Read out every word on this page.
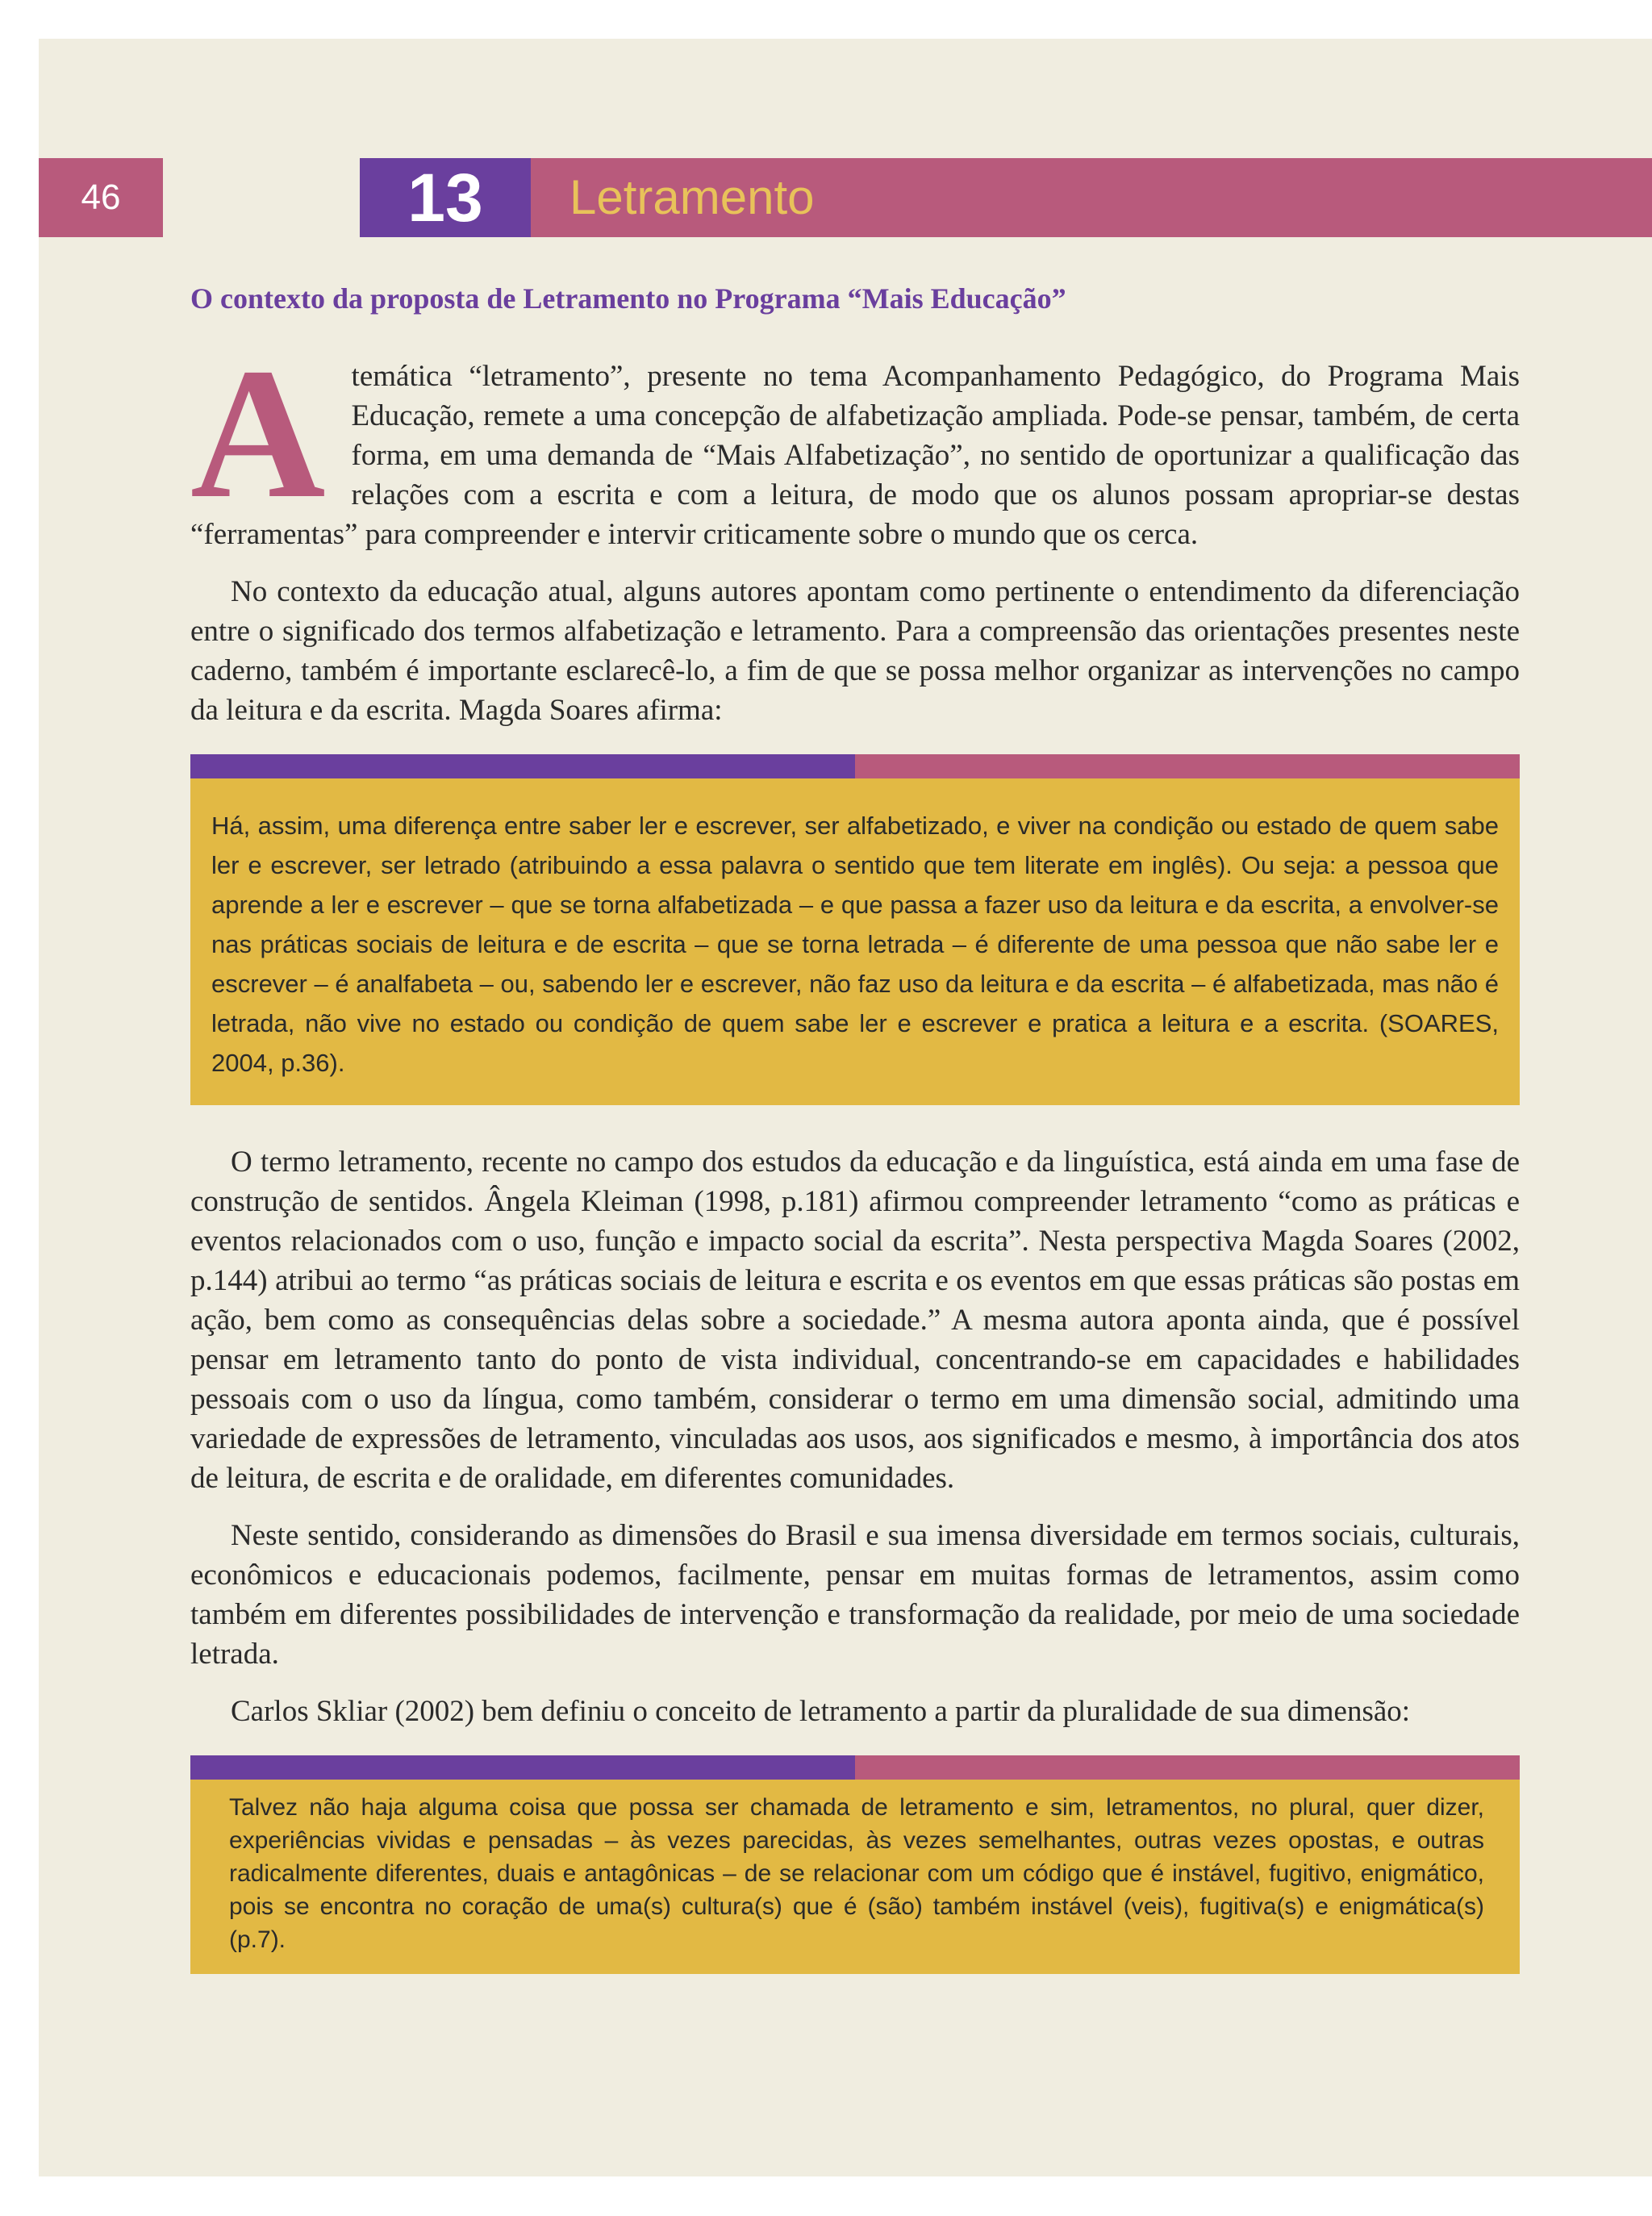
46	13	Letramento
O contexto da proposta de Letramento no Programa “Mais Educação”

Atemática “letramento”, presente no tema Acompanhamento Pedagógico, do Programa Mais Educação, remete a uma concepção de alfabetização ampliada. Pode-se pensar, também, de certa forma, em uma demanda de “Mais Alfabetização”, no sentido de oportunizar a qualificação das relações com a escrita e com a leitura, de modo que os alunos possam apropriar-se destas “ferramentas” para compreender e intervir criticamente sobre o mundo que os cerca.

No contexto da educação atual, alguns autores apontam como pertinente o entendimento da diferenciação entre o significado dos termos alfabetização e letramento. Para a compreensão das orientações presentes neste caderno, também é importante esclarecê-lo, a fim de que se possa melhor organizar as intervenções no campo da leitura e da escrita. Magda Soares afirma:

Há, assim, uma diferença entre saber ler e escrever, ser alfabetizado, e viver na condição ou estado de quem sabe ler e escrever, ser letrado (atribuindo a essa palavra o sentido que tem literate em inglês). Ou seja: a pessoa que aprende a ler e escrever – que se torna alfabetizada – e que passa a fazer uso da leitura e da escrita, a envolver-se nas práticas sociais de leitura e de escrita – que se torna letrada – é diferente de uma pessoa que não sabe ler e escrever – é analfabeta – ou, sabendo ler e escrever, não faz uso da leitura e da escrita – é alfabetizada, mas não é letrada, não vive no estado ou condição de quem sabe ler e escrever e pratica a leitura e a escrita. (SOARES, 2004, p.36).

O termo letramento, recente no campo dos estudos da educação e da linguística, está ainda em uma fase de construção de sentidos. Ângela Kleiman (1998, p.181) afirmou compreender letramento “como as práticas e eventos relacionados com o uso, função e impacto social da escrita”. Nesta perspectiva Magda Soares (2002, p.144) atribui ao termo “as práticas sociais de leitura e escrita e os eventos em que essas práticas são postas em ação, bem como as consequências delas sobre a sociedade.” A mesma autora aponta ainda, que é possível pensar em letramento tanto do ponto de vista individual, concentrando-se em capacidades e habilidades pessoais com o uso da língua, como também, considerar o termo em uma dimensão social, admitindo uma variedade de expressões de letramento, vinculadas aos usos, aos significados e mesmo, à importância dos atos de leitura, de escrita e de oralidade, em diferentes comunidades.

Neste sentido, considerando as dimensões do Brasil e sua imensa diversidade em termos sociais, culturais, econômicos e educacionais podemos, facilmente, pensar em muitas formas de letramentos, assim como também em diferentes possibilidades de intervenção e transformação da realidade, por meio de uma sociedade letrada.

Carlos Skliar (2002) bem definiu o conceito de letramento a partir da pluralidade de sua dimensão:

Talvez não haja alguma coisa que possa ser chamada de letramento e sim, letramentos, no plural, quer dizer, experiências vividas e pensadas – às vezes parecidas, às vezes semelhantes, outras vezes opostas, e outras radicalmente diferentes, duais e antagônicas – de se relacionar com um código que é instável, fugitivo, enigmático, pois se encontra no coração de uma(s) cultura(s) que é (são) também instável (veis), fugitiva(s) e enigmática(s) (p.7).
